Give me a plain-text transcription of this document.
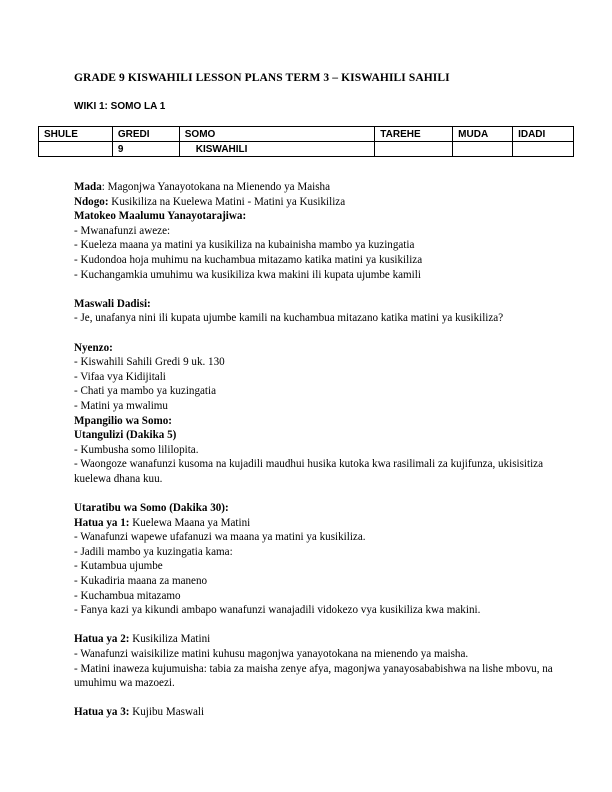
GRADE 9 KISWAHILI LESSON PLANS TERM 3 – KISWAHILI SAHILI
WIKI 1: SOMO LA 1
SHULE	GREDI	SOMO	TAREHE	MUDA	IDADI
	9	KISWAHILI			

Mada: Magonjwa Yanayotokana na Mienendo ya Maisha

Ndogo: Kusikiliza na Kuelewa Matini - Matini ya Kusikiliza

Matokeo Maalumu Yanayotarajiwa:

- Mwanafunzi aweze:

- Kueleza maana ya matini ya kusikiliza na kubainisha mambo ya kuzingatia

- Kudondoa hoja muhimu na kuchambua mitazamo katika matini ya kusikiliza

- Kuchangamkia umuhimu wa kusikiliza kwa makini ili kupata ujumbe kamili

Maswali Dadisi:

- Je, unafanya nini ili kupata ujumbe kamili na kuchambua mitazano katika matini ya kusikiliza?

Nyenzo:

- Kiswahili Sahili Gredi 9 uk. 130

- Vifaa vya Kidijitali

- Chati ya mambo ya kuzingatia

- Matini ya mwalimu

Mpangilio wa Somo:

Utangulizi (Dakika 5)

- Kumbusha somo lililopita.

- Waongoze wanafunzi kusoma na kujadili maudhui husika kutoka kwa rasilimali za kujifunza, ukisisitiza kuelewa dhana kuu.

Utaratibu wa Somo (Dakika 30):

Hatua ya 1: Kuelewa Maana ya Matini

- Wanafunzi wapewe ufafanuzi wa maana ya matini ya kusikiliza.

- Jadili mambo ya kuzingatia kama:

- Kutambua ujumbe

- Kukadiria maana za maneno

- Kuchambua mitazamo

- Fanya kazi ya kikundi ambapo wanafunzi wanajadili vidokezo vya kusikiliza kwa makini.

Hatua ya 2: Kusikiliza Matini

- Wanafunzi waisikilize matini kuhusu magonjwa yanayotokana na mienendo ya maisha.

- Matini inaweza kujumuisha: tabia za maisha zenye afya, magonjwa yanayosababishwa na lishe mbovu, na umuhimu wa mazoezi.

Hatua ya 3: Kujibu Maswali
